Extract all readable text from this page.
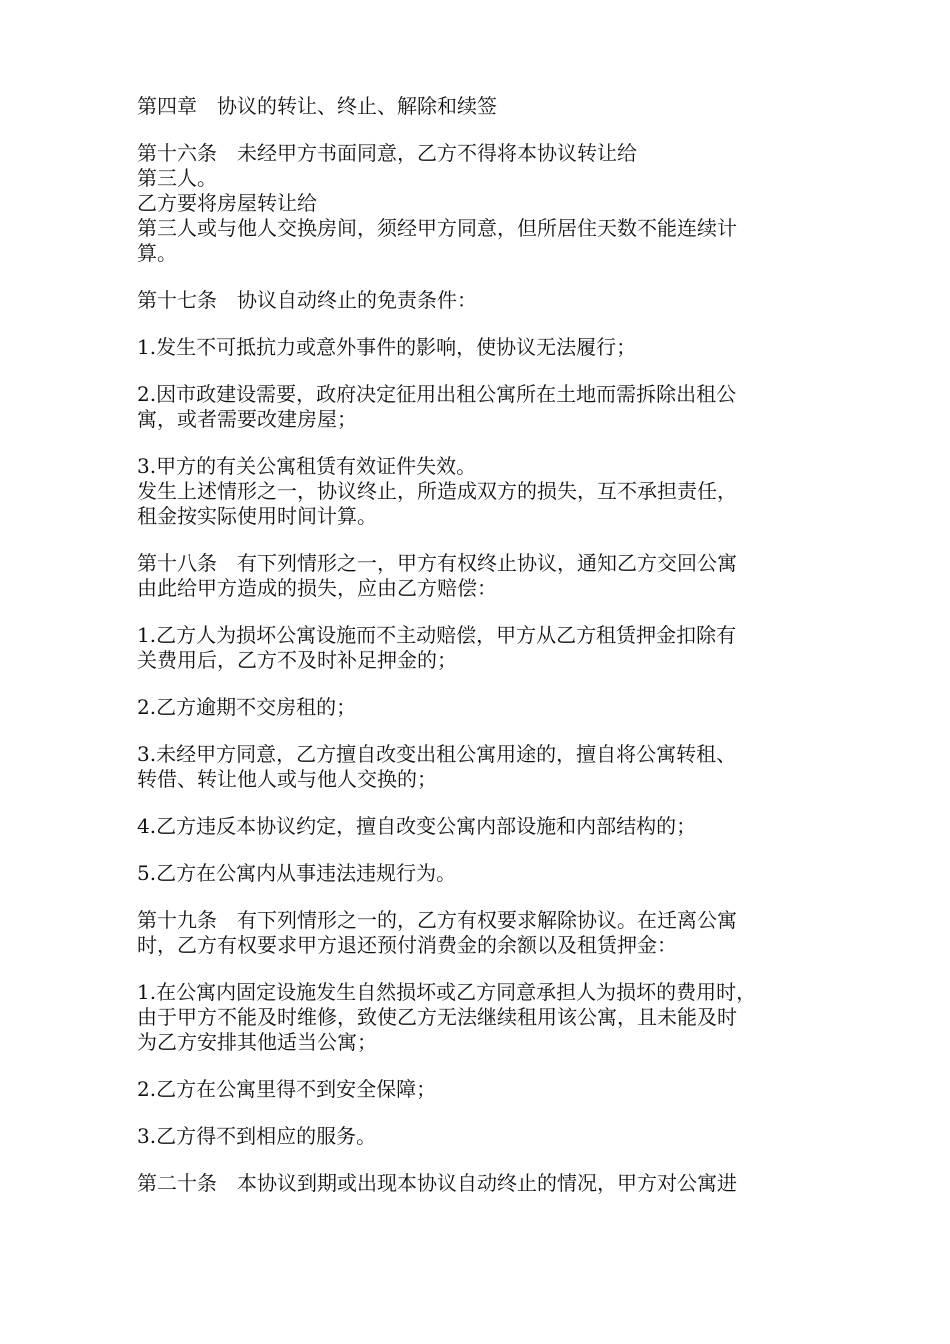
第四章　协议的转让、终止、解除和续签
第十六条　未经甲方书面同意，乙方不得将本协议转让给
第三人。
乙方要将房屋转让给
第三人或与他人交换房间，须经甲方同意，但所居住天数不能连续计
算。
第十七条　协议自动终止的免责条件：
1.发生不可抵抗力或意外事件的影响，使协议无法履行；
2.因市政建设需要，政府决定征用出租公寓所在土地而需拆除出租公
寓，或者需要改建房屋；
3.甲方的有关公寓租赁有效证件失效。
发生上述情形之一，协议终止，所造成双方的损失，互不承担责任，
租金按实际使用时间计算。
第十八条　有下列情形之一，甲方有权终止协议，通知乙方交回公寓
由此给甲方造成的损失，应由乙方赔偿：
1.乙方人为损坏公寓设施而不主动赔偿，甲方从乙方租赁押金扣除有
关费用后，乙方不及时补足押金的；
2.乙方逾期不交房租的；
3.未经甲方同意，乙方擅自改变出租公寓用途的，擅自将公寓转租、
转借、转让他人或与他人交换的；
4.乙方违反本协议约定，擅自改变公寓内部设施和内部结构的；
5.乙方在公寓内从事违法违规行为。
第十九条　有下列情形之一的，乙方有权要求解除协议。在迁离公寓
时，乙方有权要求甲方退还预付消费金的余额以及租赁押金：
1.在公寓内固定设施发生自然损坏或乙方同意承担人为损坏的费用时，
由于甲方不能及时维修，致使乙方无法继续租用该公寓，且未能及时
为乙方安排其他适当公寓；
2.乙方在公寓里得不到安全保障；
3.乙方得不到相应的服务。
第二十条　本协议到期或出现本协议自动终止的情况，甲方对公寓进
